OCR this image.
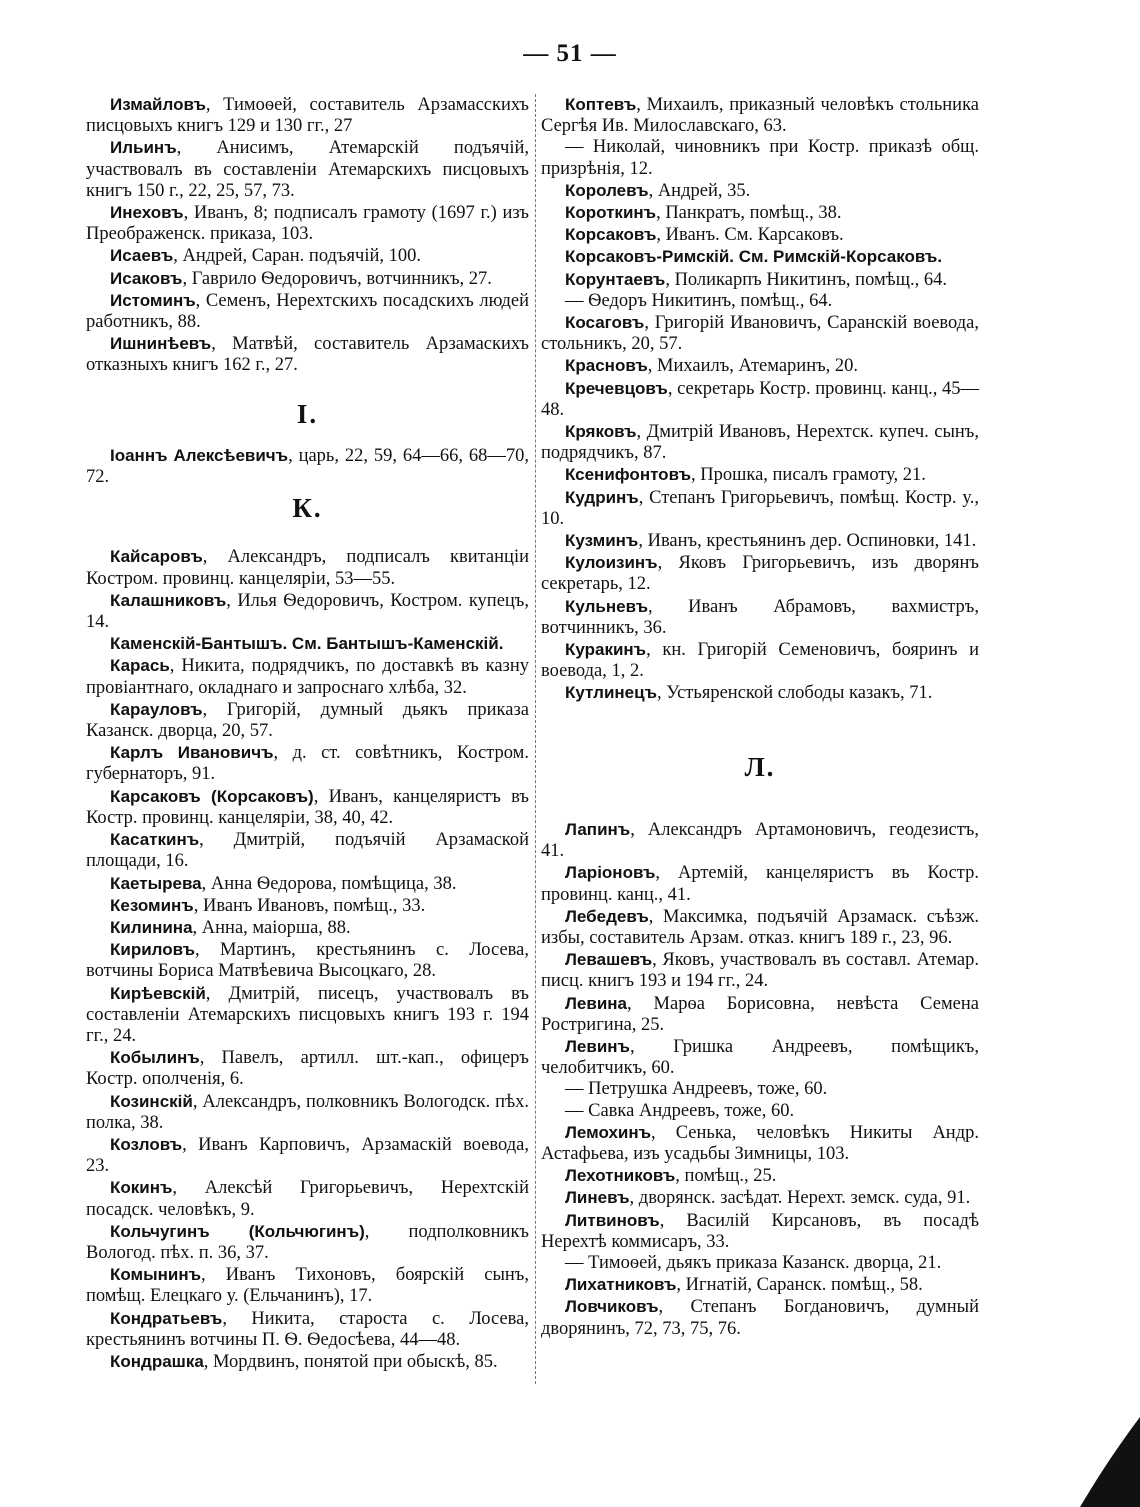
— 51 —

Измайловъ, Тимоѳей, составитель Арзамасскихъ писцовыхъ книгъ 129 и 130 гг., 27

Ильинъ, Анисимъ, Атемарскій подъячій, участвовалъ въ составленіи Атемарскихъ писцовыхъ книгъ 150 г., 22, 25, 57, 73.

Инеховъ, Иванъ, 8; подписалъ грамоту (1697 г.) изъ Преображенск. приказа, 103.

Исаевъ, Андрей, Саран. подъячій, 100.

Исаковъ, Гаврило Ѳедоровичъ, вотчинникъ, 27.

Истоминъ, Семенъ, Нерехтскихъ посадскихъ людей работникъ, 88.

Ишнинѣевъ, Матвѣй, составитель Арзамаскихъ отказныхъ книгъ 162 г., 27.

I.

Іоаннъ Алексѣевичъ, царь, 22, 59, 64—66, 68—70, 72.

К.

Кайсаровъ, Александръ, подписалъ квитанціи Костром. провинц. канцеляріи, 53—55.

Калашниковъ, Илья Ѳедоровичъ, Костром. купецъ, 14.

Каменскій-Бантышъ. См. Бантышъ-Каменскій.

Карась, Никита, подрядчикъ, по доставкѣ въ казну провіантнаго, окладнаго и запроснаго хлѣба, 32.

Карауловъ, Григорій, думный дьякъ приказа Казанск. дворца, 20, 57.

Карлъ Ивановичъ, д. ст. совѣтникъ, Костром. губернаторъ, 91.

Карсаковъ (Корсаковъ), Иванъ, канцеляристъ въ Костр. провинц. канцеляріи, 38, 40, 42.

Касаткинъ, Дмитрій, подъячій Арзамаской площади, 16.

Каетырева, Анна Ѳедорова, помѣщица, 38.

Кезоминъ, Иванъ Ивановъ, помѣщ., 33.

Килинина, Анна, маіорша, 88.

Кириловъ, Мартинъ, крестьянинъ с. Лосева, вотчины Бориса Матвѣевича Высоцкаго, 28.

Кирѣевскій, Дмитрій, писецъ, участвовалъ въ составленіи Атемарскихъ писцовыхъ книгъ 193 г. 194 гг., 24.

Кобылинъ, Павелъ, артилл. шт.-кап., офицеръ Костр. ополченія, 6.

Козинскій, Александръ, полковникъ Вологодск. пѣх. полка, 38.

Козловъ, Иванъ Карповичъ, Арзамаскій воевода, 23.

Кокинъ, Алексѣй Григорьевичъ, Нерехтскій посадск. человѣкъ, 9.

Кольчугинъ (Кольчюгинъ), подполковникъ Вологод. пѣх. п. 36, 37.

Комынинъ, Иванъ Тихоновъ, боярскій сынъ, помѣщ. Елецкаго у. (Ельчанинъ), 17.

Кондратьевъ, Никита, староста с. Лосева, крестьянинъ вотчины П. Ѳ. Ѳедосѣева, 44—48.

Кондрашка, Мордвинъ, понятой при обыскѣ, 85.

Коптевъ, Михаилъ, приказный человѣкъ стольника Сергѣя Ив. Милославскаго, 63.

— Николай, чиновникъ при Костр. приказѣ общ. призрѣнія, 12.

Королевъ, Андрей, 35.

Короткинъ, Панкратъ, помѣщ., 38.

Корсаковъ, Иванъ. См. Карсаковъ.

Корсаковъ-Римскій. См. Римскій-Корсаковъ.

Корунтаевъ, Поликарпъ Никитинъ, помѣщ., 64.

— Ѳедоръ Никитинъ, помѣщ., 64.

Косаговъ, Григорій Ивановичъ, Саранскій воевода, стольникъ, 20, 57.

Красновъ, Михаилъ, Атемаринъ, 20.

Кречевцовъ, секретарь Костр. провинц. канц., 45—48.

Кряковъ, Дмитрій Ивановъ, Нерехтск. купеч. сынъ, подрядчикъ, 87.

Ксенифонтовъ, Прошка, писалъ грамоту, 21.

Кудринъ, Степанъ Григорьевичъ, помѣщ. Костр. у., 10.

Кузминъ, Иванъ, крестьянинъ дер. Оспиновки, 141.

Кулоизинъ, Яковъ Григорьевичъ, изъ дворянъ секретарь, 12.

Кульневъ, Иванъ Абрамовъ, вахмистръ, вотчинникъ, 36.

Куракинъ, кн. Григорій Семеновичъ, бояринъ и воевода, 1, 2.

Кутлинецъ, Устьяренской слободы казакъ, 71.

Л.

Лапинъ, Александръ Артамоновичъ, геодезистъ, 41.

Ларіоновъ, Артемій, канцеляристъ въ Костр. провинц. канц., 41.

Лебедевъ, Максимка, подъячій Арзамаск. съѣзж. избы, составитель Арзам. отказ. книгъ 189 г., 23, 96.

Левашевъ, Яковъ, участвовалъ въ составл. Атемар. писц. книгъ 193 и 194 гг., 24.

Левина, Марѳа Борисовна, невѣста Семена Ростригина, 25.

Левинъ, Гришка Андреевъ, помѣщикъ, челобитчикъ, 60.

— Петрушка Андреевъ, тоже, 60.

— Савка Андреевъ, тоже, 60.

Лемохинъ, Сенька, человѣкъ Никиты Андр. Астафьева, изъ усадьбы Зимницы, 103.

Лехотниковъ, помѣщ., 25.

Линевъ, дворянск. засѣдат. Нерехт. земск. суда, 91.

Литвиновъ, Василій Кирсановъ, въ посадѣ Нерехтѣ коммисаръ, 33.

— Тимоѳей, дьякъ приказа Казанск. дворца, 21.

Лихатниковъ, Игнатій, Саранск. помѣщ., 58.

Ловчиковъ, Степанъ Богдановичъ, думный дворянинъ, 72, 73, 75, 76.
